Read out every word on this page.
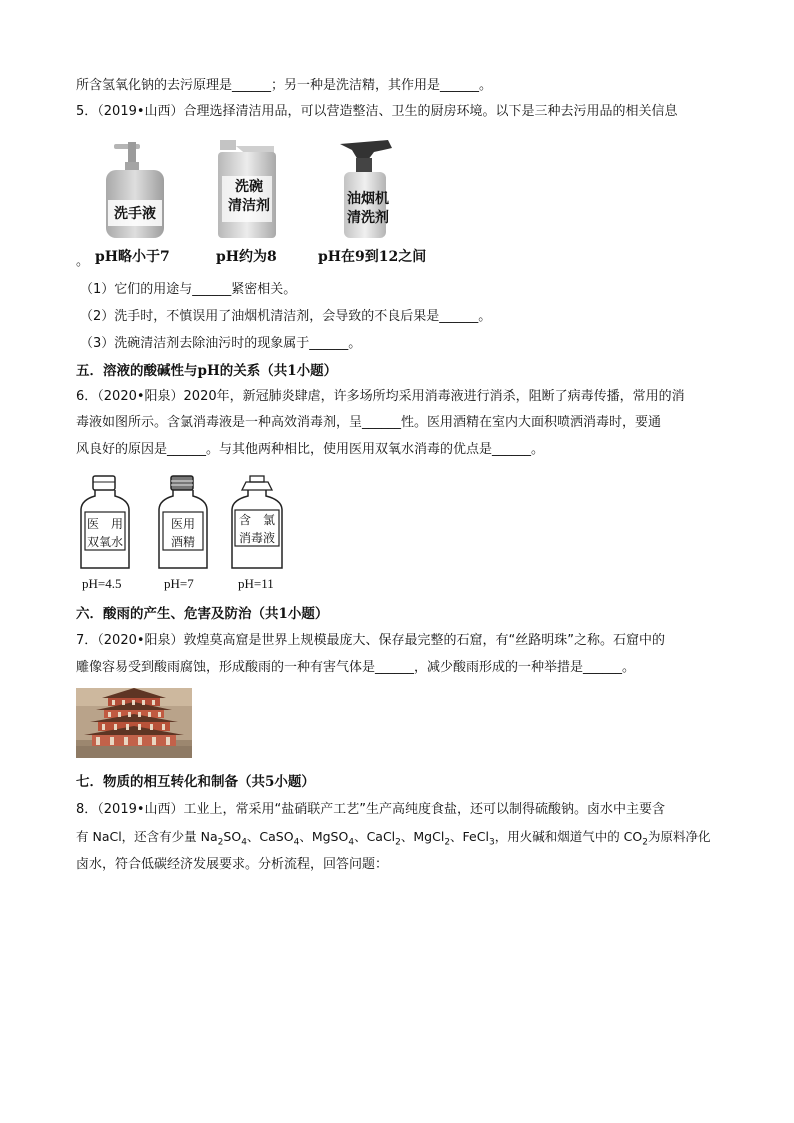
所含氢氧化钠的去污原理是______；另一种是洗洁精，其作用是______。
5．（2019•山西）合理选择清洁用品，可以营造整洁、卫生的厨房环境。以下是三种去污用品的相关信息
洗手液
洗碗
清洁剂	油烟机
清洗剂
。 pH略小于7	pH约为8	pH在9到12之间
（1）它们的用途与______紧密相关。
（2）洗手时，不慎误用了油烟机清洁剂，会导致的不良后果是______。
（3）洗碗清洁剂去除油污时的现象属于______。
五．溶液的酸碱性与pH的关系（共1小题）
6．（2020•阳泉）2020年，新冠肺炎肆虐，许多场所均采用消毒液进行消杀，阻断了病毒传播，常用的消
毒液如图所示。含氯消毒液是一种高效消毒剂，呈______性。医用酒精在室内大面积喷洒消毒时，要通
风良好的原因是______。与其他两种相比，使用医用双氧水消毒的优点是______。
医　用
双氧水
医用
酒精
含　氯
消毒液
pH=4.5	pH=7	pH=11
六．酸雨的产生、危害及防治（共1小题）
7．（2020•阳泉）敦煌莫高窟是世界上规模最庞大、保存最完整的石窟，有“丝路明珠”之称。石窟中的
雕像容易受到酸雨腐蚀，形成酸雨的一种有害气体是______，减少酸雨形成的一种举措是______。
七．物质的相互转化和制备（共5小题）
8．（2019•山西）工业上，常采用“盐硝联产工艺”生产高纯度食盐，还可以制得硫酸钠。卤水中主要含
有 NaCl，还含有少量 $Na_2SO_4$、CaSO$_4$、MgSO$_4$、CaCl$_2$、MgCl$_2$、FeCl$_3$，用火碱和烟道气中的 $CO_2$为原料净化
卤水，符合低碳经济发展要求。分析流程，回答问题：
